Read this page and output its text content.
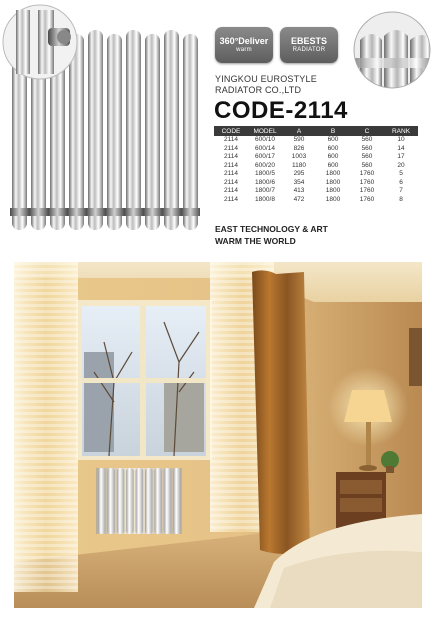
360°Deliver
warm
EBESTS
RADIATOR
YINGKOU EUROSTYLE
RADIATOR CO.,LTD
CODE-2114
CODE	MODEL	A	B	C	RANK
2114	600/10	590	600	560	10
2114	600/14	826	600	560	14
2114	600/17	1003	600	560	17
2114	600/20	1180	600	560	20
2114	1800/5	295	1800	1760	5
2114	1800/6	354	1800	1760	6
2114	1800/7	413	1800	1760	7
2114	1800/8	472	1800	1760	8
EAST TECHNOLOGY & ART
WARM THE WORLD
